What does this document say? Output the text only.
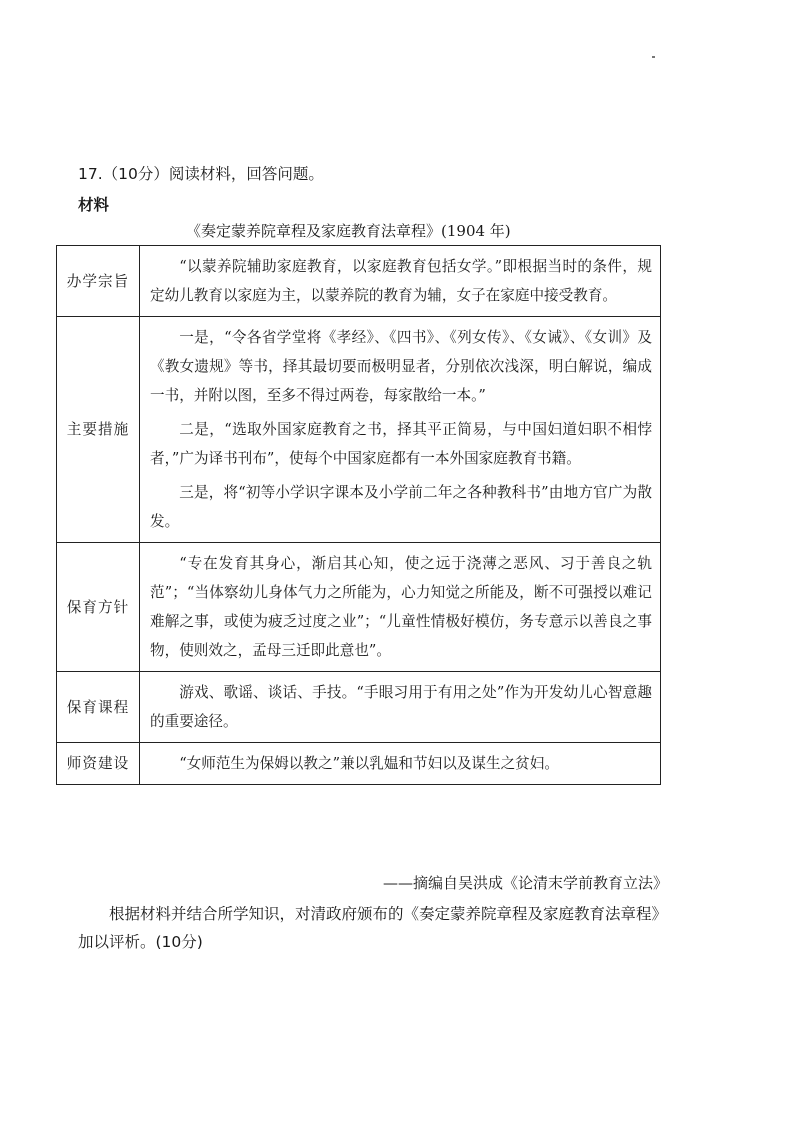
17.（10分）阅读材料，回答问题。
材料
《奏定蒙养院章程及家庭教育法章程》(1904 年)
办学宗旨	“以蒙养院辅助家庭教育，以家庭教育包括女学。”即根据当时的条件，规定幼儿教育以家庭为主，以蒙养院的教育为辅，女子在家庭中接受教育。

主要措施	一是，“令各省学堂将《孝经》、《四书》、《列女传》、《女诫》、《女训》及《教女遗规》等书，择其最切要而极明显者，分别依次浅深，明白解说，编成一书，并附以图，至多不得过两卷，每家散给一本。”

二是，“选取外国家庭教育之书，择其平正简易，与中国妇道妇职不相悖者，”广为译书刊布”，使每个中国家庭都有一本外国家庭教育书籍。

三是，将“初等小学识字课本及小学前二年之各种教科书”由地方官广为散发。

保育方针	“专在发育其身心，渐启其心知，使之远于浇薄之恶风、习于善良之轨范”；“当体察幼儿身体气力之所能为，心力知觉之所能及，断不可强授以难记难解之事，或使为疲乏过度之业”；“儿童性情极好模仿，务专意示以善良之事物，使则效之，孟母三迁即此意也”。

保育课程	游戏、歌谣、谈话、手技。“手眼习用于有用之处”作为开发幼儿心智意趣的重要途径。

师资建设	“女师范生为保姆以教之”兼以乳媪和节妇以及谋生之贫妇。

——摘编自吴洪成《论清末学前教育立法》
根据材料并结合所学知识，对清政府颁布的《奏定蒙养院章程及家庭教育法章程》加以评析。(10分)
